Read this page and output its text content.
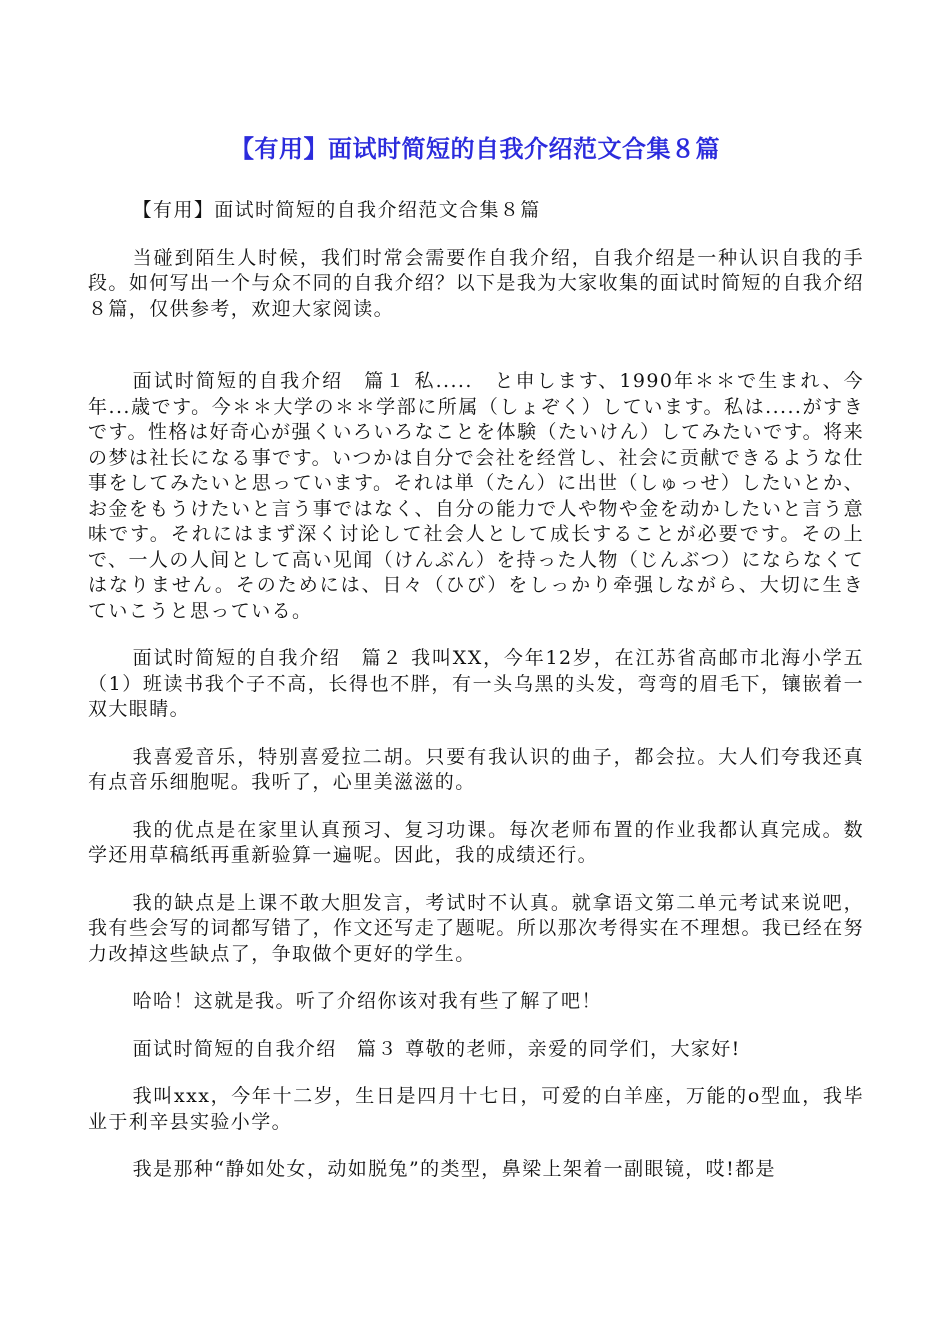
【有用】面试时简短的自我介绍范文合集８篇

【有用】面试时简短的自我介绍范文合集８篇

当碰到陌生人时候，我们时常会需要作自我介绍，自我介绍是一种认识自我的手段。如何写出一个与众不同的自我介绍？以下是我为大家收集的面试时简短的自我介绍８篇，仅供参考，欢迎大家阅读。

面试时简短的自我介绍　篇１ 私.....　と申します、1990年＊＊で生まれ、今年...歳です。今＊＊大学の＊＊学部に所属（しょぞく）しています。私は.....がすきです。性格は好奇心が强くいろいろなことを体験（たいけん）してみたいです。将来の梦は社长になる事です。いつかは自分で会社を经営し、社会に贡献できるような仕事をしてみたいと思っています。それは単（たん）に出世（しゅっせ）したいとか、お金をもうけたいと言う事ではなく、自分の能力で人や物や金を动かしたいと言う意味です。それにはまず深く讨论して社会人として成长することが必要です。その上で、一人の人间として高い见闻（けんぶん）を持った人物（じんぶつ）にならなくてはなりません。そのためには、日々（ひび）をしっかり牵强しながら、大切に生きていこうと思っている。

面试时简短的自我介绍　篇２ 我叫XX，今年12岁，在江苏省高邮市北海小学五（1）班读书我个子不高，长得也不胖，有一头乌黑的头发，弯弯的眉毛下，镶嵌着一双大眼睛。

我喜爱音乐，特别喜爱拉二胡。只要有我认识的曲子，都会拉。大人们夸我还真有点音乐细胞呢。我听了，心里美滋滋的。

我的优点是在家里认真预习、复习功课。每次老师布置的作业我都认真完成。数学还用草稿纸再重新验算一遍呢。因此，我的成绩还行。

我的缺点是上课不敢大胆发言，考试时不认真。就拿语文第二单元考试来说吧，我有些会写的词都写错了，作文还写走了题呢。所以那次考得实在不理想。我已经在努力改掉这些缺点了，争取做个更好的学生。

哈哈！这就是我。听了介绍你该对我有些了解了吧！

面试时简短的自我介绍　篇３ 尊敬的老师，亲爱的同学们，大家好!

我叫xxx，今年十二岁，生日是四月十七日，可爱的白羊座，万能的o型血，我毕业于利辛县实验小学。

我是那种“静如处女，动如脱兔”的类型，鼻梁上架着一副眼镜，哎!都是
